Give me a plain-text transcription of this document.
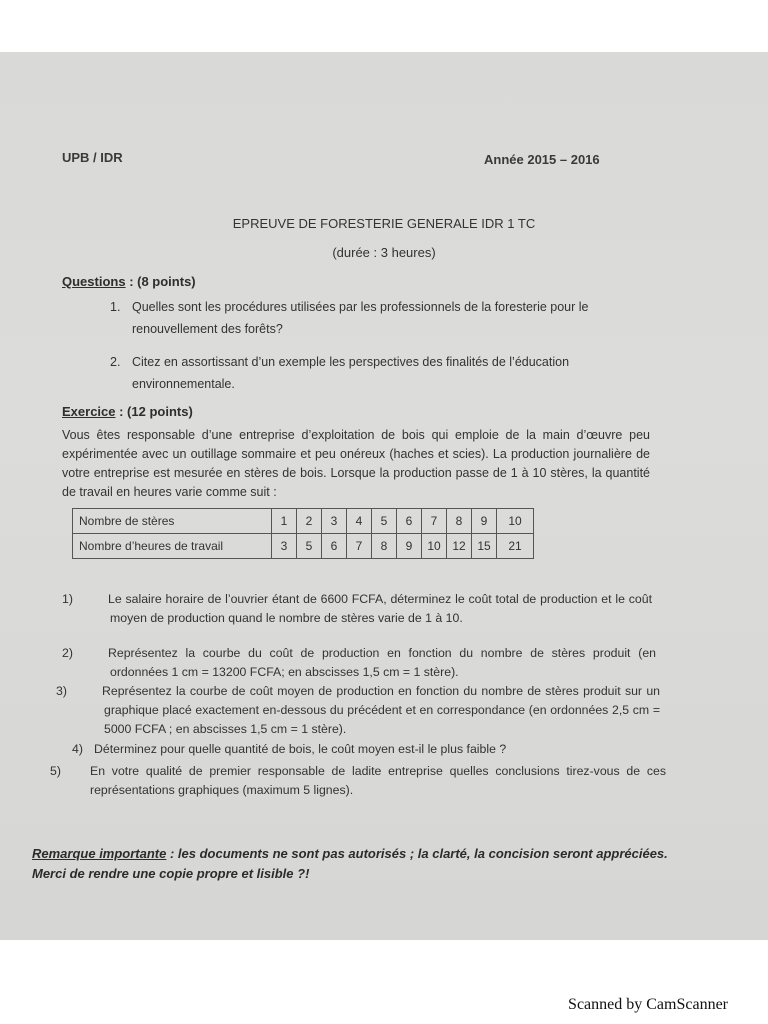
UPB / IDR	Année 2015 – 2016
EPREUVE DE FORESTERIE GENERALE IDR 1 TC
(durée : 3 heures)
Questions : (8 points)
1. Quelles sont les procédures utilisées par les professionnels de la foresterie pour le
renouvellement des forêts?
2. Citez en assortissant d’un exemple les perspectives des finalités de l’éducation
environnementale.
Exercice : (12 points)
Vous êtes responsable d’une entreprise d’exploitation de bois qui emploie de la main d’œuvre peu expérimentée avec un outillage sommaire et peu onéreux (haches et scies). La production journalière de votre entreprise est mesurée en stères de bois. Lorsque la production passe de 1 à 10 stères, la quantité de travail en heures varie comme suit :
Nombre de stères	1	2	3	4	5	6	7	8	9	10
Nombre d’heures de travail	3	5	6	7	8	9	10	12	15	21
1)	Le salaire horaire de l’ouvrier étant de 6600 FCFA, déterminez le coût total de production et le coût moyen de production quand le nombre de stères varie de 1 à 10.
2)	Représentez la courbe du coût de production en fonction du nombre de stères produit (en ordonnées 1 cm = 13200 FCFA; en abscisses 1,5 cm = 1 stère).
3)	Représentez la courbe de coût moyen de production en fonction du nombre de stères produit sur un graphique placé exactement en-dessous du précédent et en correspondance (en ordonnées 2,5 cm = 5000 FCFA ; en abscisses 1,5 cm = 1 stère).
4) Déterminez pour quelle quantité de bois, le coût moyen est-il le plus faible ?
5) En votre qualité de premier responsable de ladite entreprise quelles conclusions tirez-vous de ces représentations graphiques (maximum 5 lignes).
Remarque importante : les documents ne sont pas autorisés ; la clarté, la concision seront appréciées. Merci de rendre une copie propre et lisible ?!
Scanned by CamScanner
